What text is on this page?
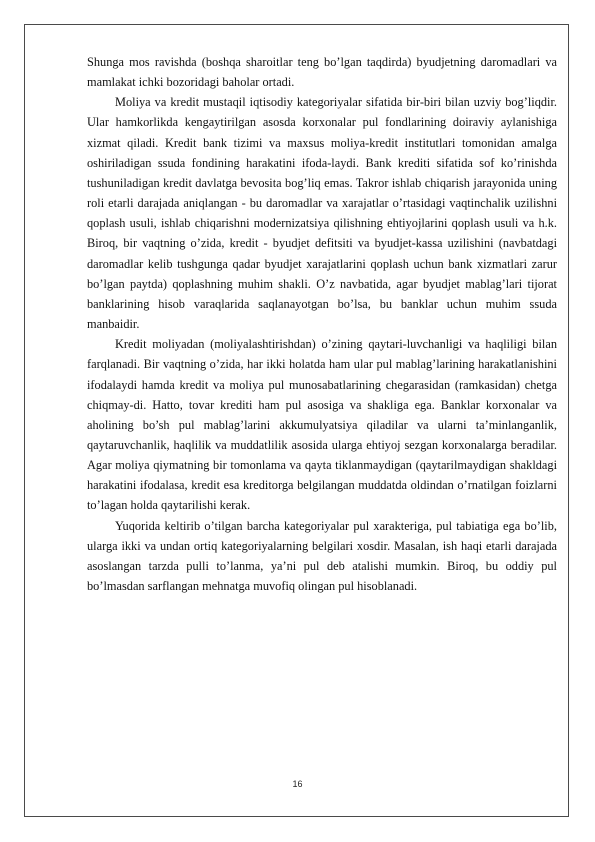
Shunga mos ravishda (boshqa sharoitlar teng bo’lgan taqdirda) byudjetning daromadlari va mamlakat ichki bozoridagi baholar ortadi.

Moliya va kredit mustaqil iqtisodiy kategoriyalar sifatida bir-biri bilan uzviy bog’liqdir. Ular hamkorlikda kengaytirilgan asosda korxonalar pul fondlarining doiraviy aylanishiga xizmat qiladi. Kredit bank tizimi va maxsus moliya-kredit institutlari tomonidan amalga oshiriladigan ssuda fondining harakatini ifoda-laydi. Bank krediti sifatida sof ko’rinishda tushuniladigan kredit davlatga bevosita bog’liq emas. Takror ishlab chiqarish jarayonida uning roli etarli darajada aniqlangan - bu daromadlar va xarajatlar o’rtasidagi vaqtinchalik uzilishni qoplash usuli, ishlab chiqarishni modernizatsiya qilishning ehtiyojlarini qoplash usuli va h.k. Biroq, bir vaqtning o’zida, kredit - byudjet defitsiti va byudjet-kassa uzilishini (navbatdagi daromadlar kelib tushgunga qadar byudjet xarajatlarini qoplash uchun bank xizmatlari zarur bo’lgan paytda) qoplashning muhim shakli. O’z navbatida, agar byudjet mablag’lari tijorat banklarining hisob varaqlarida saqlanayotgan bo’lsa, bu banklar uchun muhim ssuda manbaidir.

Kredit moliyadan (moliyalashtirishdan) o’zining qaytari-luvchanligi va haqliligi bilan farqlanadi. Bir vaqtning o’zida, har ikki holatda ham ular pul mablag’larining harakatlanishini ifodalaydi hamda kredit va moliya pul munosabatlarining chegarasidan (ramkasidan) chetga chiqmay-di. Hatto, tovar krediti ham pul asosiga va shakliga ega. Banklar korxonalar va aholining bo’sh pul mablag’larini akkumulyatsiya qiladilar va ularni ta’minlanganlik, qaytaruvchanlik, haqlilik va muddatlilik asosida ularga ehtiyoj sezgan korxonalarga beradilar. Agar moliya qiymatning bir tomonlama va qayta tiklanmaydigan (qaytarilmaydigan shakldagi harakatini ifodalasa, kredit esa kreditorga belgilangan muddatda oldindan o’rnatilgan foizlarni to’lagan holda qaytarilishi kerak.

Yuqorida keltirib o’tilgan barcha kategoriyalar pul xarakteriga, pul tabiatiga ega bo’lib, ularga ikki va undan ortiq kategoriyalarning belgilari xosdir. Masalan, ish haqi etarli darajada asoslangan tarzda pulli to’lanma, ya’ni pul deb atalishi mumkin. Biroq, bu oddiy pul bo’lmasdan sarflangan mehnatga muvofiq olingan pul hisoblanadi.

16
